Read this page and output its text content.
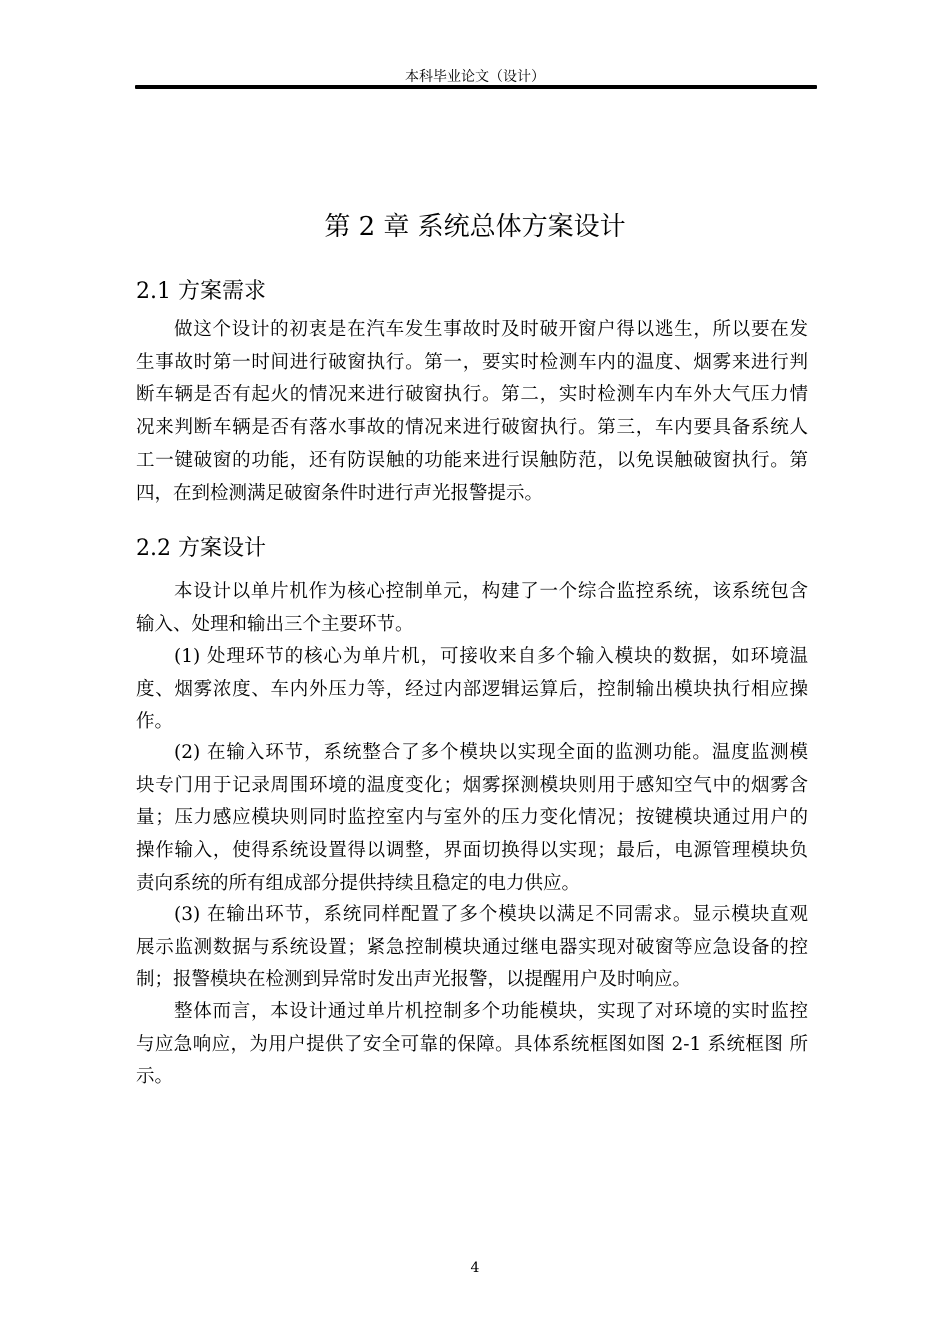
本科毕业论文（设计）
第 2 章 系统总体方案设计
2.1 方案需求
做这个设计的初衷是在汽车发生事故时及时破开窗户得以逃生，所以要在发
生事故时第一时间进行破窗执行。第一，要实时检测车内的温度、烟雾来进行判
断车辆是否有起火的情况来进行破窗执行。第二，实时检测车内车外大气压力情
况来判断车辆是否有落水事故的情况来进行破窗执行。第三，车内要具备系统人
工一键破窗的功能，还有防误触的功能来进行误触防范，以免误触破窗执行。第
四，在到检测满足破窗条件时进行声光报警提示。
2.2 方案设计
本设计以单片机作为核心控制单元，构建了一个综合监控系统，该系统包含
输入、处理和输出三个主要环节。
(1) 处理环节的核心为单片机，可接收来自多个输入模块的数据，如环境温
度、烟雾浓度、车内外压力等，经过内部逻辑运算后，控制输出模块执行相应操
作。
(2) 在输入环节，系统整合了多个模块以实现全面的监测功能。温度监测模
块专门用于记录周围环境的温度变化；烟雾探测模块则用于感知空气中的烟雾含
量；压力感应模块则同时监控室内与室外的压力变化情况；按键模块通过用户的
操作输入，使得系统设置得以调整，界面切换得以实现；最后，电源管理模块负
责向系统的所有组成部分提供持续且稳定的电力供应。
(3) 在输出环节，系统同样配置了多个模块以满足不同需求。显示模块直观
展示监测数据与系统设置；紧急控制模块通过继电器实现对破窗等应急设备的控
制；报警模块在检测到异常时发出声光报警，以提醒用户及时响应。
整体而言，本设计通过单片机控制多个功能模块，实现了对环境的实时监控
与应急响应，为用户提供了安全可靠的保障。具体系统框图如图 2-1 系统框图 所
示。
4
